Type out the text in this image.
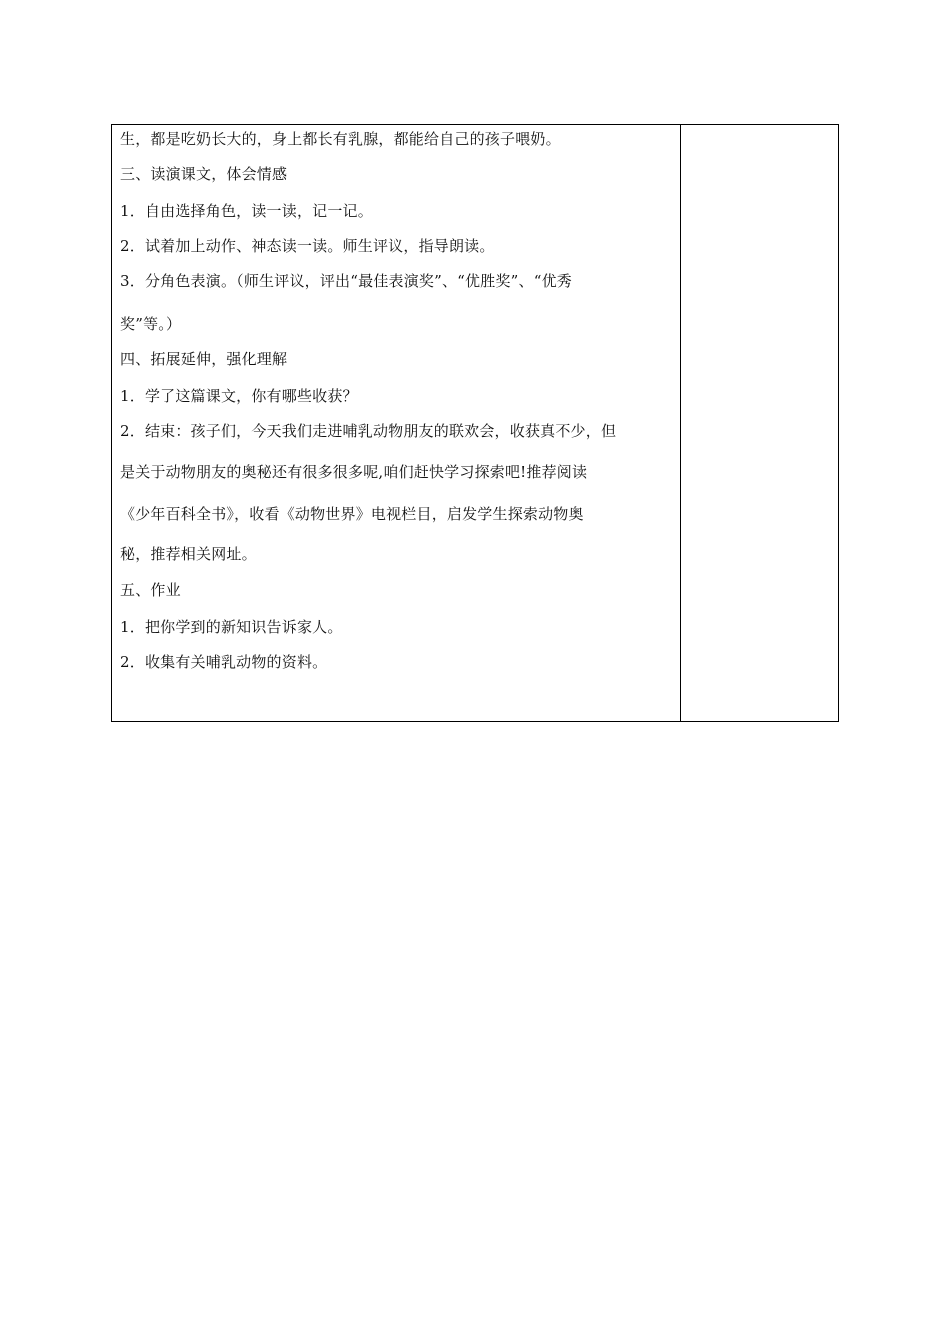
生，都是吃奶长大的，身上都长有乳腺，都能给自己的孩子喂奶。
三、读演课文，体会情感
1．自由选择角色，读一读，记一记。
2．试着加上动作、神态读一读。师生评议，指导朗读。
3．分角色表演。（师生评议，评出“最佳表演奖”、“优胜奖”、“优秀
奖”等。）
四、拓展延伸，强化理解
1．学了这篇课文，你有哪些收获？
2．结束：孩子们，今天我们走进哺乳动物朋友的联欢会，收获真不少，但
是关于动物朋友的奥秘还有很多很多呢,咱们赶快学习探索吧!推荐阅读
《少年百科全书》，收看《动物世界》电视栏目，启发学生探索动物奥
秘，推荐相关网址。
五、作业
1．把你学到的新知识告诉家人。
2．收集有关哺乳动物的资料。
